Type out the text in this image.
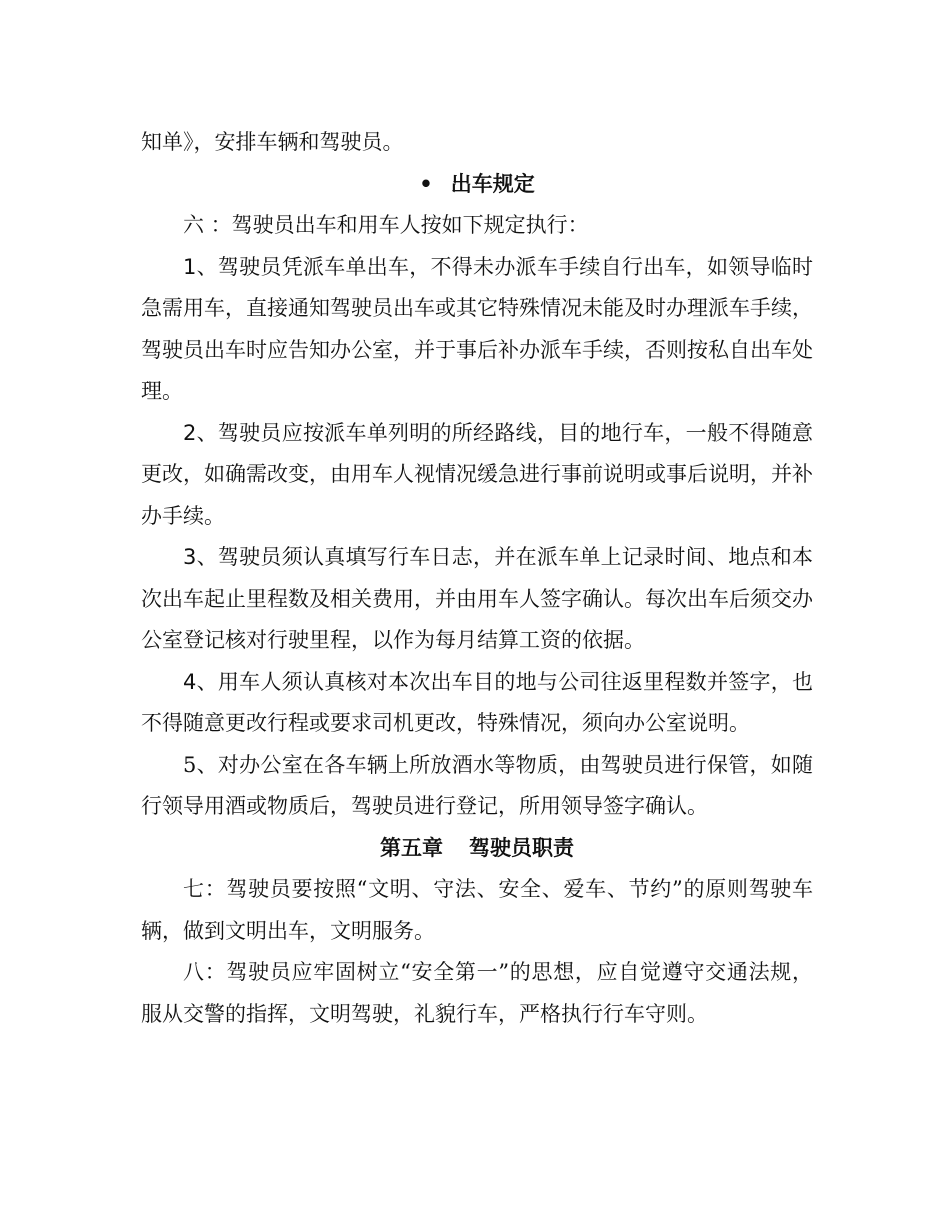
知单》，安排车辆和驾驶员。

• 出车规定

六 ：驾驶员出车和用车人按如下规定执行：

1、驾驶员凭派车单出车，不得未办派车手续自行出车，如领导临时急需用车，直接通知驾驶员出车或其它特殊情况未能及时办理派车手续，驾驶员出车时应告知办公室，并于事后补办派车手续，否则按私自出车处理。

2、驾驶员应按派车单列明的所经路线，目的地行车，一般不得随意更改，如确需改变，由用车人视情况缓急进行事前说明或事后说明，并补办手续。

3、驾驶员须认真填写行车日志，并在派车单上记录时间、地点和本次出车起止里程数及相关费用，并由用车人签字确认。每次出车后须交办公室登记核对行驶里程，以作为每月结算工资的依据。

4、用车人须认真核对本次出车目的地与公司往返里程数并签字，也不得随意更改行程或要求司机更改，特殊情况，须向办公室说明。

5、对办公室在各车辆上所放酒水等物质，由驾驶员进行保管，如随行领导用酒或物质后，驾驶员进行登记，所用领导签字确认。

第五章 驾驶员职责

七：驾驶员要按照“文明、守法、安全、爱车、节约”的原则驾驶车辆，做到文明出车，文明服务。

八：驾驶员应牢固树立“安全第一”的思想，应自觉遵守交通法规，服从交警的指挥，文明驾驶，礼貌行车，严格执行行车守则。
